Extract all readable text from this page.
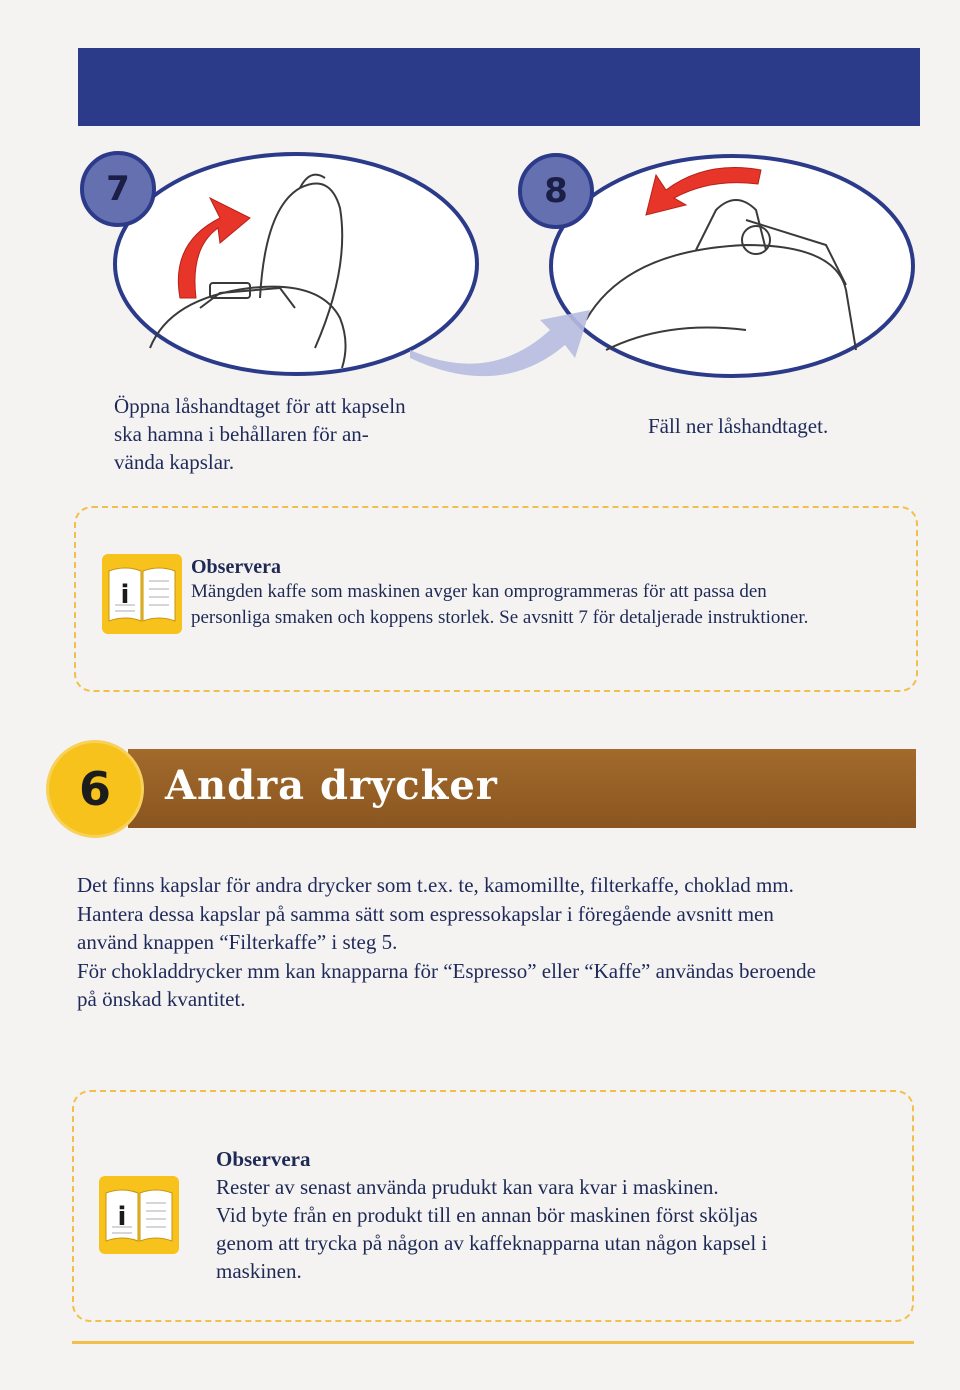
7	8
Öppna låshandtaget för att kapseln
ska hamna i behållaren för an-
vända kapslar.
Fäll ner låshandtaget.
i
Observera
Mängden kaffe som maskinen avger kan omprogrammeras för att passa den
personliga smaken och koppens storlek. Se avsnitt 7 för detaljerade instruktioner.
6	Andra drycker
Det finns kapslar för andra drycker som t.ex. te, kamomillte, filterkaffe, choklad mm.
Hantera dessa kapslar på samma sätt som espressokapslar i föregående avsnitt men
använd knappen “Filterkaffe” i steg 5.
För chokladdrycker mm kan knapparna för “Espresso” eller “Kaffe” användas beroende
på önskad kvantitet.
i
Observera
Rester av senast använda prudukt kan vara kvar i maskinen.
Vid byte från en produkt till en annan bör maskinen först sköljas
genom att trycka på någon av kaffeknapparna utan någon kapsel i
maskinen.
